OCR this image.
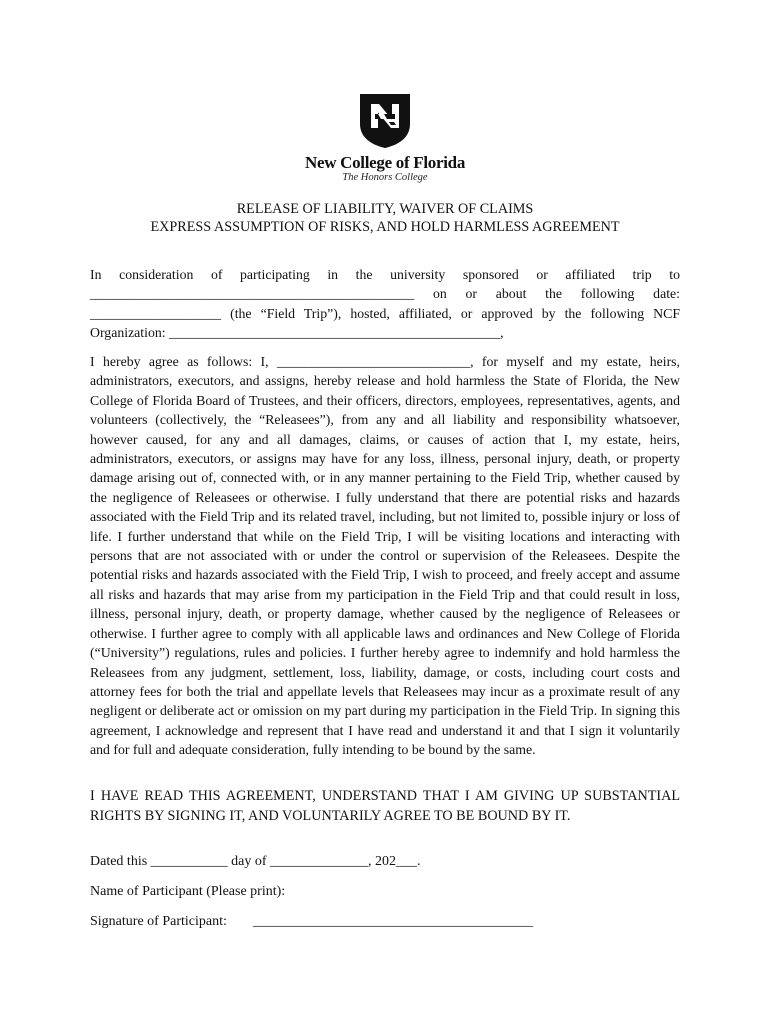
New College of Florida
The Honors College
RELEASE OF LIABILITY, WAIVER OF CLAIMS
EXPRESS ASSUMPTION OF RISKS, AND HOLD HARMLESS AGREEMENT
In consideration of participating in the university sponsored or affiliated trip to _______________________________________________ on or about the following date: ___________________ (the “Field Trip”), hosted, affiliated, or approved by the following NCF Organization: ________________________________________________,
I hereby agree as follows: I, ____________________________, for myself and my estate, heirs, administrators, executors, and assigns, hereby release and hold harmless the State of Florida, the New College of Florida Board of Trustees, and their officers, directors, employees, representatives, agents, and volunteers (collectively, the “Releasees”), from any and all liability and responsibility whatsoever, however caused, for any and all damages, claims, or causes of action that I, my estate, heirs, administrators, executors, or assigns may have for any loss, illness, personal injury, death, or property damage arising out of, connected with, or in any manner pertaining to the Field Trip, whether caused by the negligence of Releasees or otherwise. I fully understand that there are potential risks and hazards associated with the Field Trip and its related travel, including, but not limited to, possible injury or loss of life. I further understand that while on the Field Trip, I will be visiting locations and interacting with persons that are not associated with or under the control or supervision of the Releasees. Despite the potential risks and hazards associated with the Field Trip, I wish to proceed, and freely accept and assume all risks and hazards that may arise from my participation in the Field Trip and that could result in loss, illness, personal injury, death, or property damage, whether caused by the negligence of Releasees or otherwise. I further agree to comply with all applicable laws and ordinances and New College of Florida (“University”) regulations, rules and policies. I further hereby agree to indemnify and hold harmless the Releasees from any judgment, settlement, loss, liability, damage, or costs, including court costs and attorney fees for both the trial and appellate levels that Releasees may incur as a proximate result of any negligent or deliberate act or omission on my part during my participation in the Field Trip. In signing this agreement, I acknowledge and represent that I have read and understand it and that I sign it voluntarily and for full and adequate consideration, fully intending to be bound by the same.
I HAVE READ THIS AGREEMENT, UNDERSTAND THAT I AM GIVING UP SUBSTANTIAL RIGHTS BY SIGNING IT, AND VOLUNTARILY AGREE TO BE BOUND BY IT.
Dated this ___________ day of ______________, 202___.
Name of Participant (Please print):
Signature of Participant: ________________________________________
